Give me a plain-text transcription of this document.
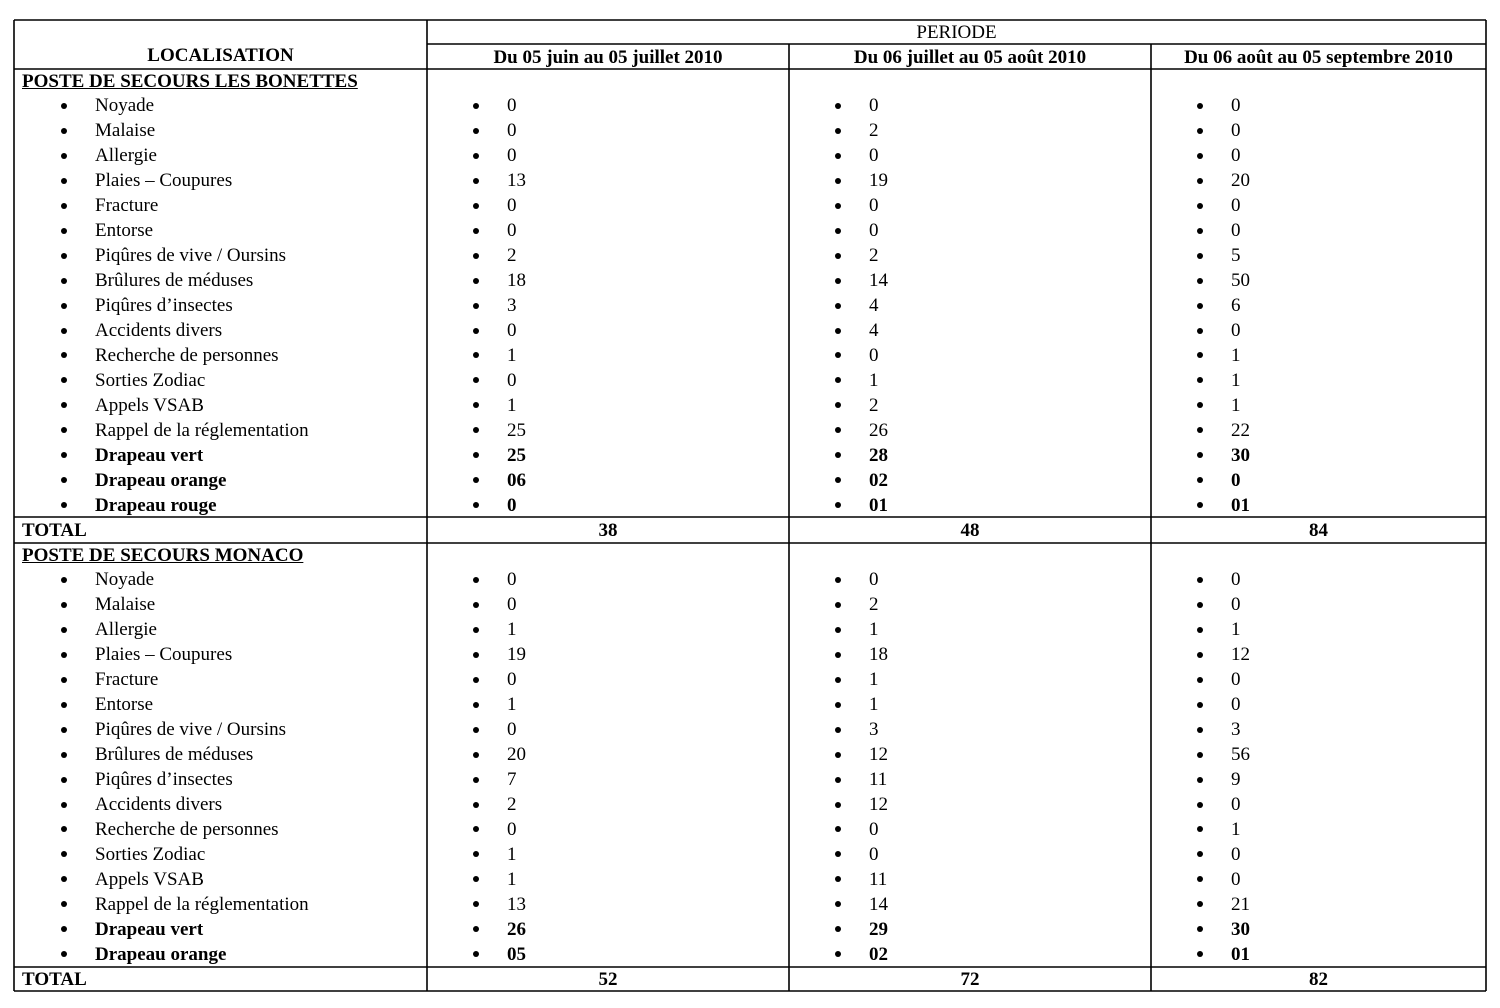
PERIODE
LOCALISATION	Du 05 juin au 05 juillet 2010	Du 06 juillet au 05 août 2010	Du 06 août au 05 septembre 2010
POSTE DE SECOURS LES BONETTES
Noyade	0	0	0
Malaise	0	2	0
Allergie	0	0	0
Plaies – Coupures	13	19	20
Fracture	0	0	0
Entorse	0	0	0
Piqûres de vive / Oursins	2	2	5
Brûlures de méduses	18	14	50
Piqûres d’insectes	3	4	6
Accidents divers	0	4	0
Recherche de personnes	1	0	1
Sorties Zodiac	0	1	1
Appels VSAB	1	2	1
Rappel de la réglementation	25	26	22
Drapeau vert	25	28	30
Drapeau orange	06	02	0
Drapeau rouge	0	01	01
TOTAL	38	48	84
POSTE DE SECOURS MONACO
Noyade	0	0	0
Malaise	0	2	0
Allergie	1	1	1
Plaies – Coupures	19	18	12
Fracture	0	1	0
Entorse	1	1	0
Piqûres de vive / Oursins	0	3	3
Brûlures de méduses	20	12	56
Piqûres d’insectes	7	11	9
Accidents divers	2	12	0
Recherche de personnes	0	0	1
Sorties Zodiac	1	0	0
Appels VSAB	1	11	0
Rappel de la réglementation	13	14	21
Drapeau vert	26	29	30
Drapeau orange	05	02	01
TOTAL	52	72	82
